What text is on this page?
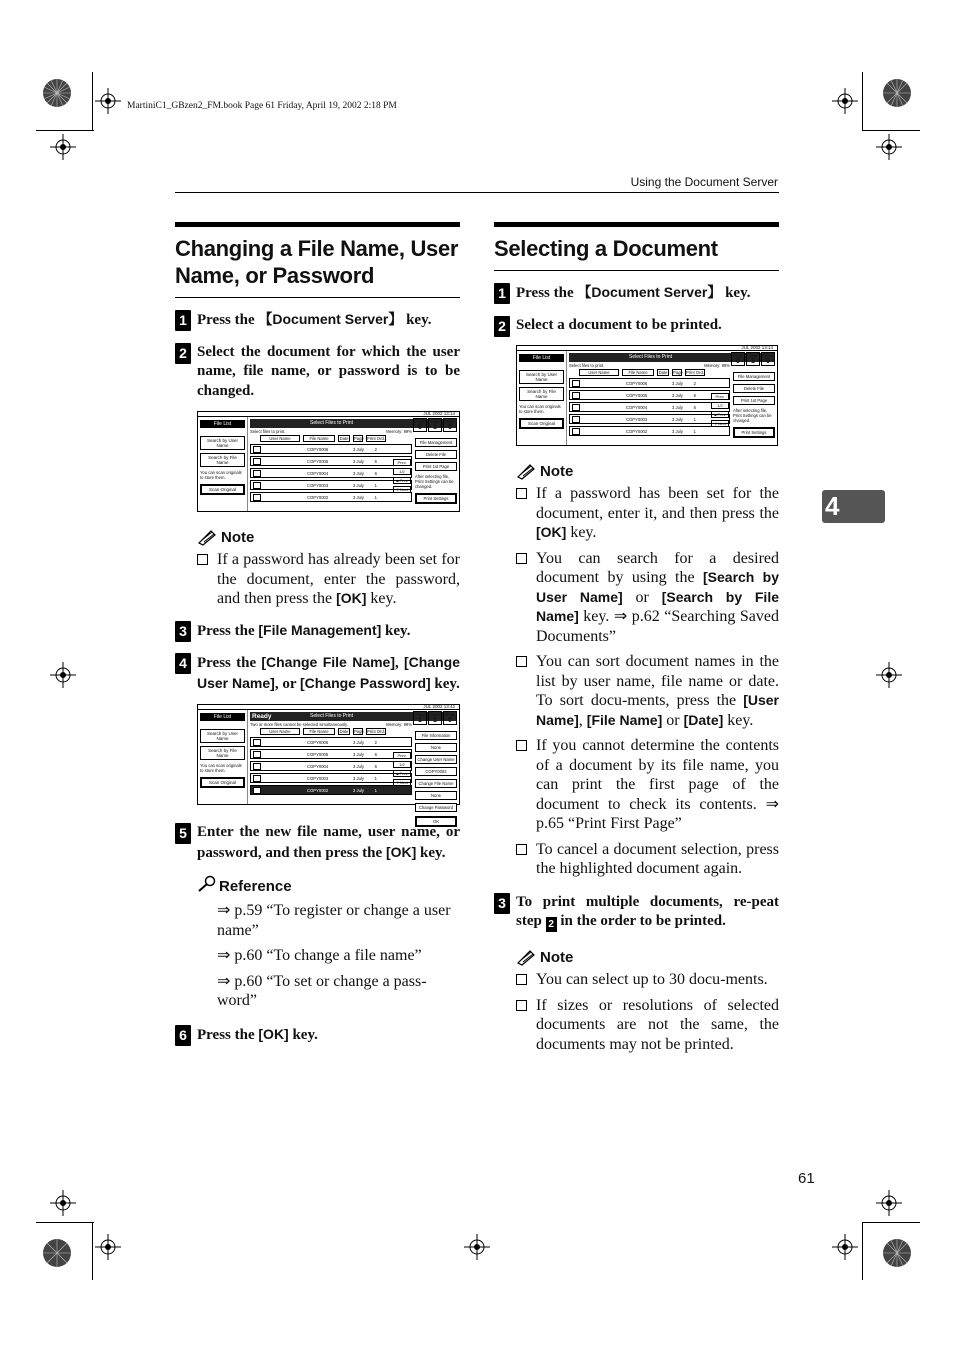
MartiniC1_GBzen2_FM.book Page 61 Friday, April 19, 2002 2:18 PM
Using the Document Server
4
61
Changing a File Name, User Name, or Password
1 Press the 【Document Server】 key.
2 Select the document for which the user name, file name, or password is to be changed.
JUL 2002 13:14
File List
Search by User Name
Search by File Name
You can scan originals to store them.
Scan Original
Select Files to Print
Select files to print.	Memory: 99%
User Name	File Name	Date	Page Print Ord.
COPY0006	3 July	2
COPY0005	3 July	6
COPY0004	3 July	6
COPY0003	3 July	1
COPY0002	3 July	1
Page
0
Total
1
Print
0
Prev.
1/2
▲Prev.
▼Next
File Management
Delete File
Print 1st Page
After selecting file, Print Settings can be changed.
Print Settings
Note
If a password has already been set for the document, enter the password, and then press the [OK] key.
3 Press the [File Management] key.
4 Press the [Change File Name], [Change User Name], or [Change Password] key.
JUL 2002 13:42
File List
Search by User Name
Search by File Name
You can scan originals to store them.
Scan Original
Ready	Select Files to Print
Two or more files cannot be selected simultaneously.	Memory: 99%
User Name	File Name	Date	Page Print Ord.
COPY0006	3 July	2
COPY0005	3 July	6
COPY0004	3 July	6
COPY0003	3 July	1
COPY0002	3 July	1
Page
1
Total
1
Print
0
Prev.
1/2
▲Prev.
▼Next
File Information
None
Change User Name
COPY0002
Change File Name
None
Change Password
OK
5 Enter the new file name, user name, or password, and then press the [OK] key.
Reference

⇒ p.59 “To register or change a user name”

⇒ p.60 “To change a file name”

⇒ p.60 “To set or change a pass-word”

6 Press the [OK] key.
Selecting a Document
1 Press the 【Document Server】 key.
2 Select a document to be printed.
JUL 2002 13:14
File List
Search by User Name
Search by File Name
You can scan originals to store them.
Scan Original
Select Files to Print
Select files to print.	Memory: 99%
User Name	File Name	Date	Page Print Ord.
COPY0006	3 July	2
COPY0005	3 July	6
COPY0004	3 July	6
COPY0003	3 July	1
COPY0002	3 July	1
Page
0
Total
1
Print
0
Prev.
1/2
▲Prev.
▼Next
File Management
Delete File
Print 1st Page
After selecting file, Print Settings can be changed.
Print Settings
Note
If a password has been set for the document, enter it, and then press the [OK] key.
You can search for a desired document by using the [Search by User Name] or [Search by File Name] key. ⇒ p.62 “Searching Saved Documents”
You can sort document names in the list by user name, file name or date. To sort docu-ments, press the [User Name], [File Name] or [Date] key.
If you cannot determine the contents of a document by its file name, you can print the first page of the document to check its contents. ⇒ p.65 “Print First Page”
To cancel a document selection, press the highlighted document again.
3 To print multiple documents, re-peat step 2 in the order to be printed.
Note
You can select up to 30 docu-ments.
If sizes or resolutions of selected documents are not the same, the documents may not be printed.
